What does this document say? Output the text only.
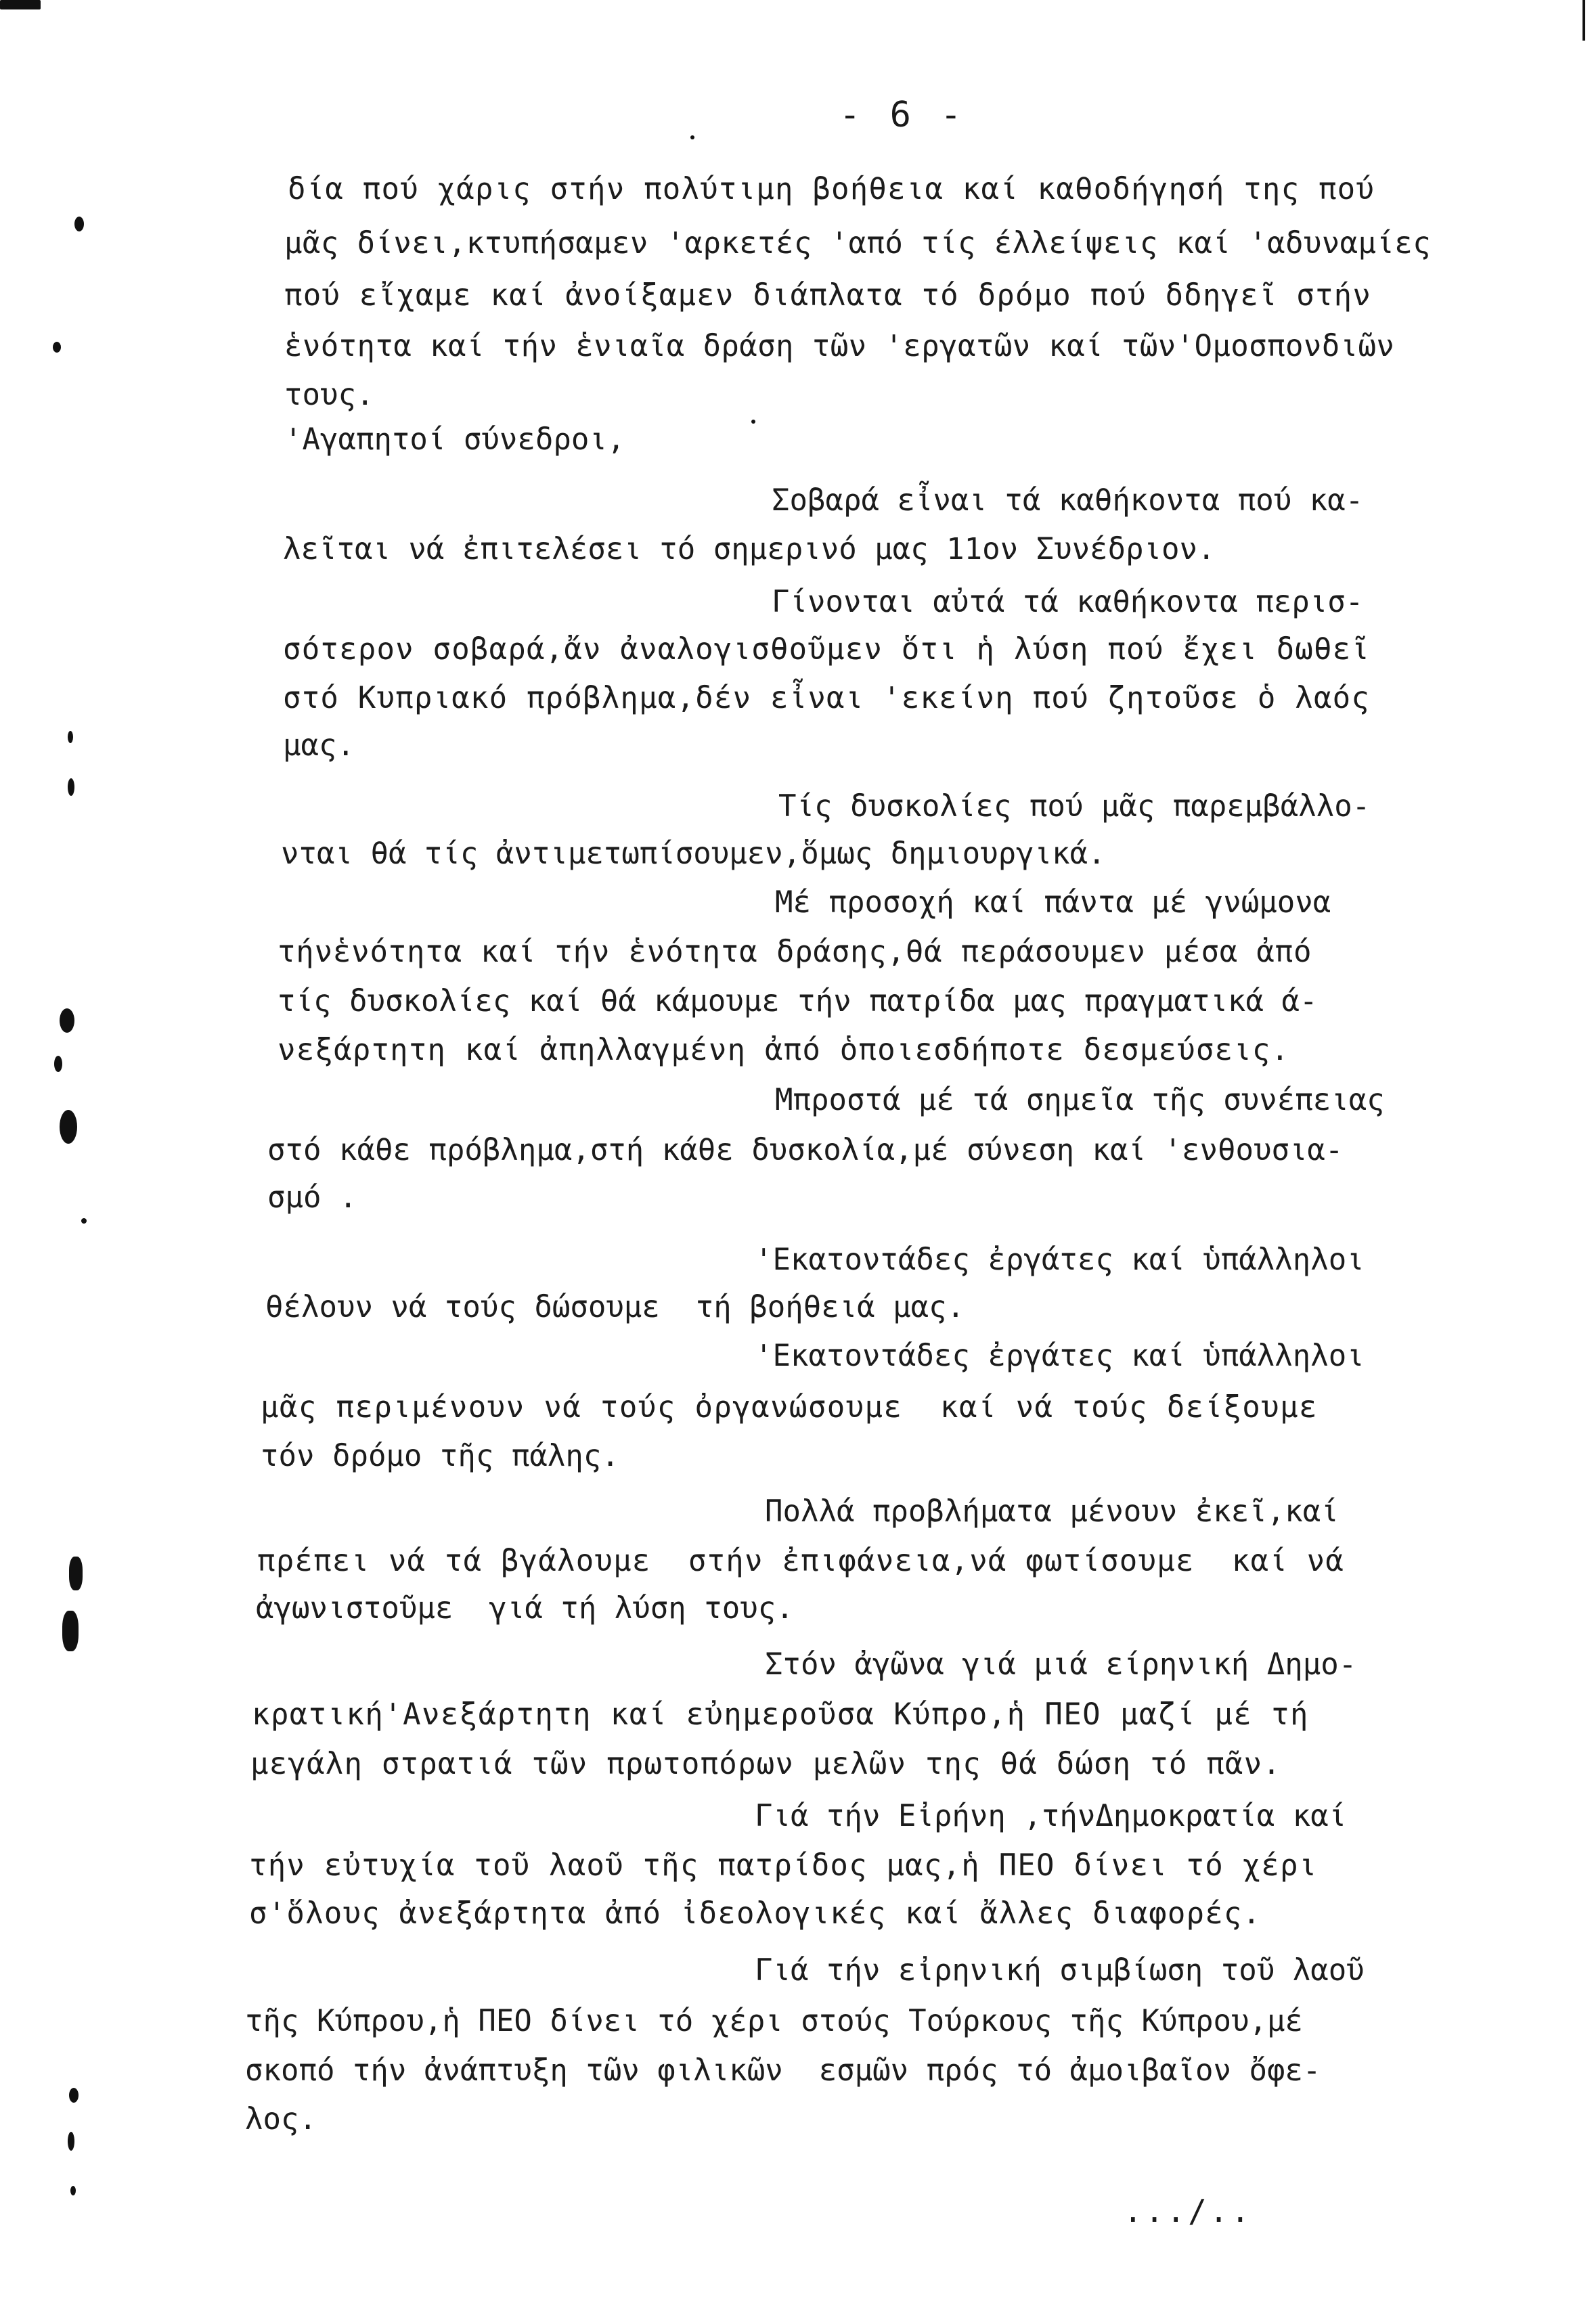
- 6 -
δία πού χάρις στήν πολύτιμη βοήθεια καί καθοδήγησή της πού
μᾶς δίνει,κτυπήσαμεν 'αρκετές 'από τίς έλλείψεις καί 'αδυναμίες
πού εἴχαμε καί ἀνοίξαμεν διάπλατα τό δρόμο πού δδηγεῖ στήν
ἑνότητα καί τήν ἑνιαῖα δράση τῶν 'εργατῶν καί τῶν'Ομοσπονδιῶν
τους.
'Αγαπητοί σύνεδροι,
Σοβαρά εἶναι τά καθήκοντα πού κα-
λεῖται νά ἐπιτελέσει τό σημερινό μας 11ον Συνέδριον.
Γίνονται αὐτά τά καθήκοντα περισ-
σότερον σοβαρά,ἄν ἀναλογισθοῦμεν ὅτι ἡ λύση πού ἔχει δωθεῖ
στό Κυπριακό πρόβλημα,δέν εἶναι 'εκείνη πού ζητοῦσε ὁ λαός
μας.
Τίς δυσκολίες πού μᾶς παρεμβάλλο-
νται θά τίς ἀντιμετωπίσουμεν,ὅμως δημιουργικά.
Μέ προσοχή καί πάντα μέ γνώμονα
τήνἑνότητα καί τήν ἑνότητα δράσης,θά περάσουμεν μέσα ἀπό
τίς δυσκολίες καί θά κάμουμε τήν πατρίδα μας πραγματικά ά-
νεξάρτητη καί ἀπηλλαγμένη ἀπό ὁποιεσδήποτε δεσμεύσεις.
Μπροστά μέ τά σημεῖα τῆς συνέπειας
στό κάθε πρόβλημα,στή κάθε δυσκολία,μέ σύνεση καί 'ενθουσια-
σμό .
'Εκατοντάδες ἐργάτες καί ὑπάλληλοι
θέλουν νά τούς δώσουμε  τή βοήθειά μας.
'Εκατοντάδες ἐργάτες καί ὑπάλληλοι
μᾶς περιμένουν νά τούς ὀργανώσουμε  καί νά τούς δείξουμε
τόν δρόμο τῆς πάλης.
Πολλά προβλήματα μένουν ἐκεῖ,καί
πρέπει νά τά βγάλουμε  στήν ἐπιφάνεια,νά φωτίσουμε  καί νά
ἀγωνιστοῦμε  γιά τή λύση τους.
Στόν ἀγῶνα γιά μιά είρηνική Δημο-
κρατική'Ανεξάρτητη καί εὐημεροῦσα Κύπρο,ἡ ΠΕΟ μαζί μέ τή
μεγάλη στρατιά τῶν πρωτοπόρων μελῶν της θά δώση τό πᾶν.
Γιά τήν Εἰρήνη ,τήνΔημοκρατία καί
τήν εὐτυχία τοῦ λαοῦ τῆς πατρίδος μας,ἡ ΠΕΟ δίνει τό χέρι
σ'ὅλους ἀνεξάρτητα ἀπό ἰδεολογικές καί ἄλλες διαφορές.
Γιά τήν εἰρηνική σιμβίωση τοῦ λαοῦ
τῆς Κύπρου,ἡ ΠΕΟ δίνει τό χέρι στούς Τούρκους τῆς Κύπρου,μέ
σκοπό τήν ἀνάπτυξη τῶν φιλικῶν  εσμῶν πρός τό ἀμοιβαῖον ὄφε-
λος.
.../..
